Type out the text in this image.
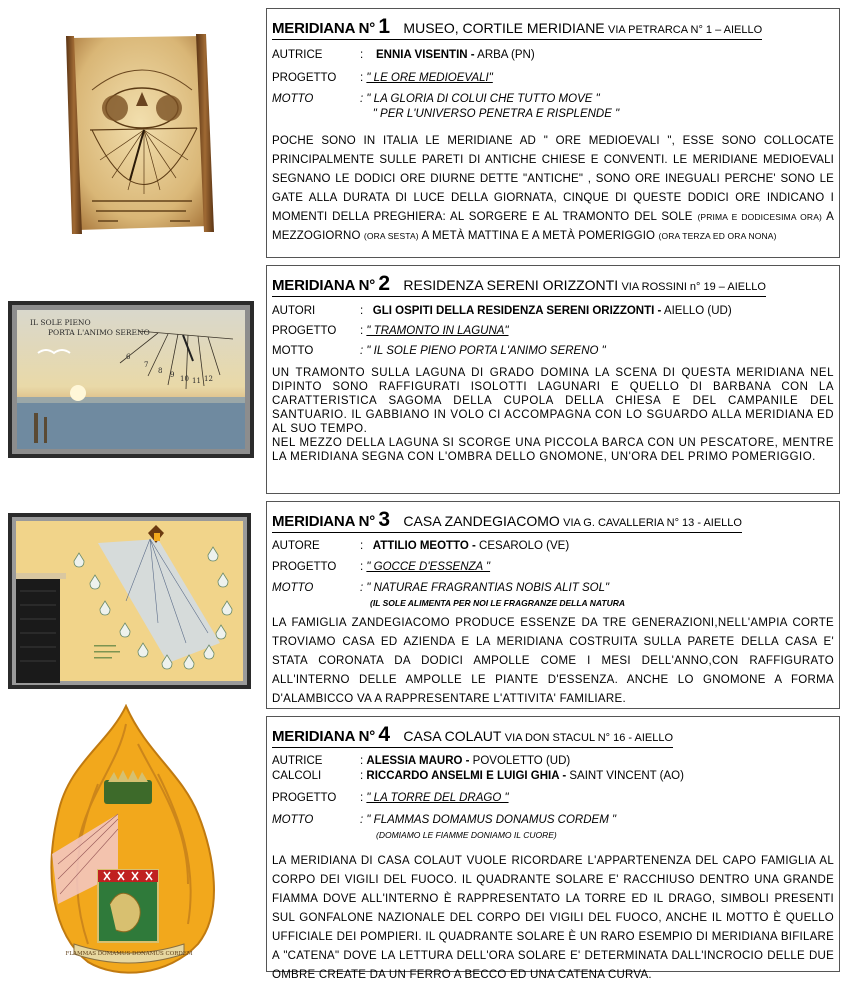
MERIDIANA N° 1 MUSEO, CORTILE MERIDIANE VIA PETRARCA N° 1 – AIELLO
AUTRICE	:    ENNIA VISENTIN - ARBA (PN)
PROGETTO	: " LE ORE MEDIOEVALI"
MOTTO	: " LA GLORIA DI COLUI CHE TUTTO MOVE "
" PER L'UNIVERSO PENETRA E RISPLENDE "
POCHE SONO IN ITALIA LE MERIDIANE AD " ORE MEDIOEVALI ", ESSE SONO COLLOCATE PRINCIPALMENTE SULLE PARETI DI ANTICHE CHIESE E CONVENTI. LE MERIDIANE MEDIOEVALI SEGNANO LE DODICI ORE DIURNE DETTE "ANTICHE" , SONO ORE INEGUALI PERCHE' SONO LE GATE ALLA DURATA DI LUCE DELLA GIORNATA, CINQUE DI QUESTE DODICI ORE INDICANO I MOMENTI DELLA PREGHIERA: AL SORGERE E AL TRAMONTO DEL SOLE (PRIMA E DODICESIMA ORA) A MEZZOGIORNO (ORA SESTA) A METÀ MATTINA E A METÀ POMERIGGIO (ORA TERZA ED ORA NONA)
6
7
8 9 10 11 12
IL SOLE PIENO
PORTA L'ANIMO SERENO
MERIDIANA N° 2 RESIDENZA SERENI ORIZZONTI VIA ROSSINI n° 19 – AIELLO
AUTORI	:   GLI OSPITI DELLA RESIDENZA SERENI ORIZZONTI - AIELLO (UD)
PROGETTO	: " TRAMONTO IN LAGUNA"
MOTTO	: " IL SOLE PIENO PORTA L'ANIMO SERENO "
UN TRAMONTO SULLA LAGUNA DI GRADO DOMINA LA SCENA DI QUESTA MERIDIANA NEL DIPINTO SONO RAFFIGURATI ISOLOTTI LAGUNARI E QUELLO DI BARBANA CON LA CARATTERISTICA SAGOMA DELLA CUPOLA DELLA CHIESA E DEL CAMPANILE DEL SANTUARIO. IL GABBIANO IN VOLO CI ACCOMPAGNA CON LO SGUARDO ALLA MERIDIANA ED AL SUO TEMPO.
NEL MEZZO DELLA LAGUNA SI SCORGE UNA PICCOLA BARCA CON UN PESCATORE, MENTRE LA MERIDIANA SEGNA CON L'OMBRA DELLO GNOMONE, UN'ORA DEL PRIMO POMERIGGIO.
MERIDIANA N° 3 CASA ZANDEGIACOMO VIA G. CAVALLERIA N° 13 - AIELLO
AUTORE	:   ATTILIO MEOTTO - CESAROLO (VE)
PROGETTO	: " GOCCE D'ESSENZA "
MOTTO	: " NATURAE FRAGRANTIAS NOBIS ALIT SOL"
(IL SOLE ALIMENTA PER NOI LE FRAGRANZE DELLA NATURA
LA FAMIGLIA ZANDEGIACOMO PRODUCE ESSENZE DA TRE GENERAZIONI,NELL'AMPIA CORTE TROVIAMO CASA ED AZIENDA E LA MERIDIANA COSTRUITA SULLA PARETE DELLA CASA E' STATA CORONATA DA DODICI AMPOLLE COME I MESI DELL'ANNO,CON RAFFIGURATO ALL'INTERNO DELLE AMPOLLE LE PIANTE D'ESSENZA. ANCHE LO GNOMONE A FORMA D'ALAMBICCO VA A RAPPRESENTARE L'ATTIVITA' FAMILIARE.
FLAMMAS DOMAMUS DONAMUS CORDEM
MERIDIANA N° 4 CASA COLAUT VIA DON STACUL N° 16 - AIELLO
AUTRICE	: ALESSIA MAURO - POVOLETTO (UD)
CALCOLI	: RICCARDO ANSELMI E LUIGI GHIA - SAINT VINCENT (AO)
PROGETTO	: " LA TORRE DEL DRAGO "
MOTTO	: " FLAMMAS DOMAMUS DONAMUS CORDEM "
(DOMIAMO LE FIAMME DONIAMO IL CUORE)
LA MERIDIANA DI CASA COLAUT VUOLE RICORDARE L'APPARTENENZA DEL CAPO FAMIGLIA AL CORPO DEI VIGILI DEL FUOCO. IL QUADRANTE SOLARE E' RACCHIUSO DENTRO UNA GRANDE FIAMMA DOVE ALL'INTERNO È RAPPRESENTATO LA TORRE ED IL DRAGO, SIMBOLI PRESENTI SUL GONFALONE NAZIONALE DEL CORPO DEI VIGILI DEL FUOCO, ANCHE IL MOTTO È QUELLO UFFICIALE DEI POMPIERI. IL QUADRANTE SOLARE È UN RARO ESEMPIO DI MERIDIANA BIFILARE A "CATENA" DOVE LA LETTURA DELL'ORA SOLARE E' DETERMINATA DALL'INCROCIO DELLE DUE OMBRE CREATE DA UN FERRO A BECCO ED UNA CATENA CURVA.
